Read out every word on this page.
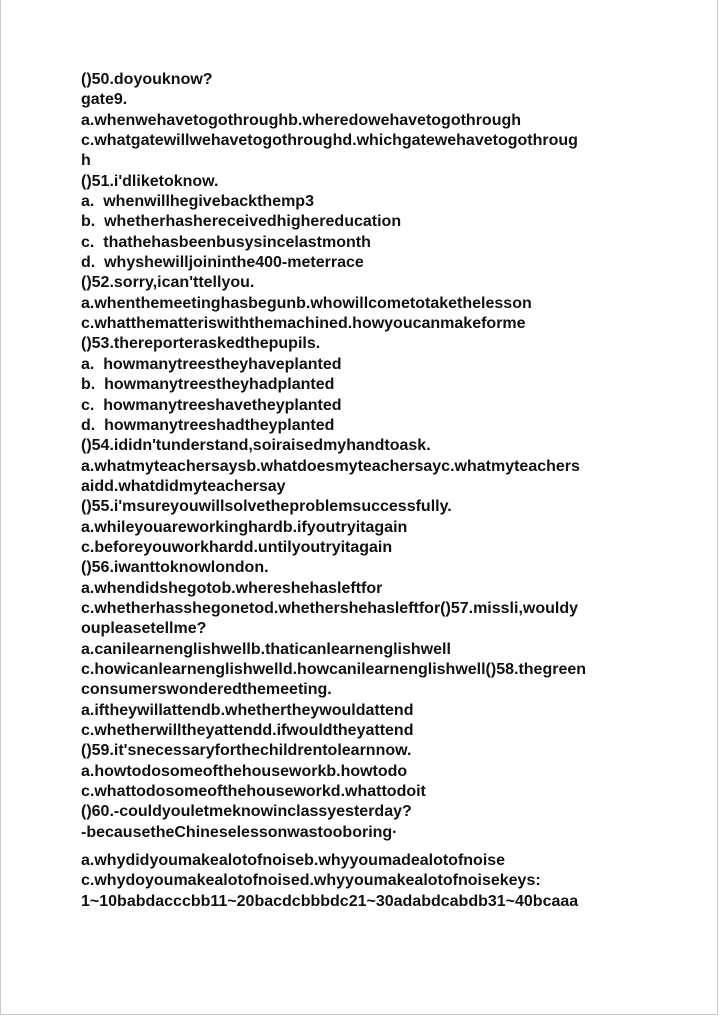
()50.doyouknow?
gate9.
a.whenwehavetogothroughb.wheredowehavetogothrough
c.whatgatewillwehavetogothroughd.whichgatewehavetogothroug
h
()51.i'dliketoknow.
a.  whenwillhegivebackthemp3
b.  whetherhashereceivedhighereducation
c.  thathehasbeenbusysincelastmonth
d.  whyshewilljoininthe400-meterrace
()52.sorry,ican'ttellyou.
a.whenthemeetinghasbegunb.whowillcometotakethelesson
c.whatthematteriswiththemachined.howyoucanmakeforme
()53.thereporteraskedthepupils.
a.  howmanytreestheyhaveplanted
b.  howmanytreestheyhadplanted
c.  howmanytreeshavetheyplanted
d.  howmanytreeshadtheyplanted
()54.ididn'tunderstand,soiraisedmyhandtoask.
a.whatmyteachersaysb.whatdoesmyteachersayc.whatmyteachers
aidd.whatdidmyteachersay
()55.i'msureyouwillsolvetheproblemsuccessfully.
a.whileyouareworkinghardb.ifyoutryitagain
c.beforeyouworkhardd.untilyoutryitagain
()56.iwanttoknowlondon.
a.whendidshegotob.whereshehasleftfor
c.whetherhasshegonetod.whethershehasleftfor()57.missli,wouldy
oupleasetellme?
a.canilearnenglishwellb.thaticanlearnenglishwell
c.howicanlearnenglishwelld.howcanilearnenglishwell()58.thegreen
consumerswonderedthemeeting.
a.iftheywillattendb.whethertheywouldattend
c.whetherwilltheyattendd.ifwouldtheyattend
()59.it'snecessaryforthechildrentolearnnow.
a.howtodosomeofthehouseworkb.howtodo
c.whattodosomeofthehouseworkd.whattodoit
()60.-couldyouletmeknowinclassyesterday?
-becausetheChineselessonwastooboring·
a.whydidyoumakealotofnoiseb.whyyoumadealotofnoise
c.whydoyoumakealotofnoised.whyyoumakealotofnoisekeys:
1~10babdacccbb11~20bacdcbbbdc21~30adabdcabdb31~40bcaaa
